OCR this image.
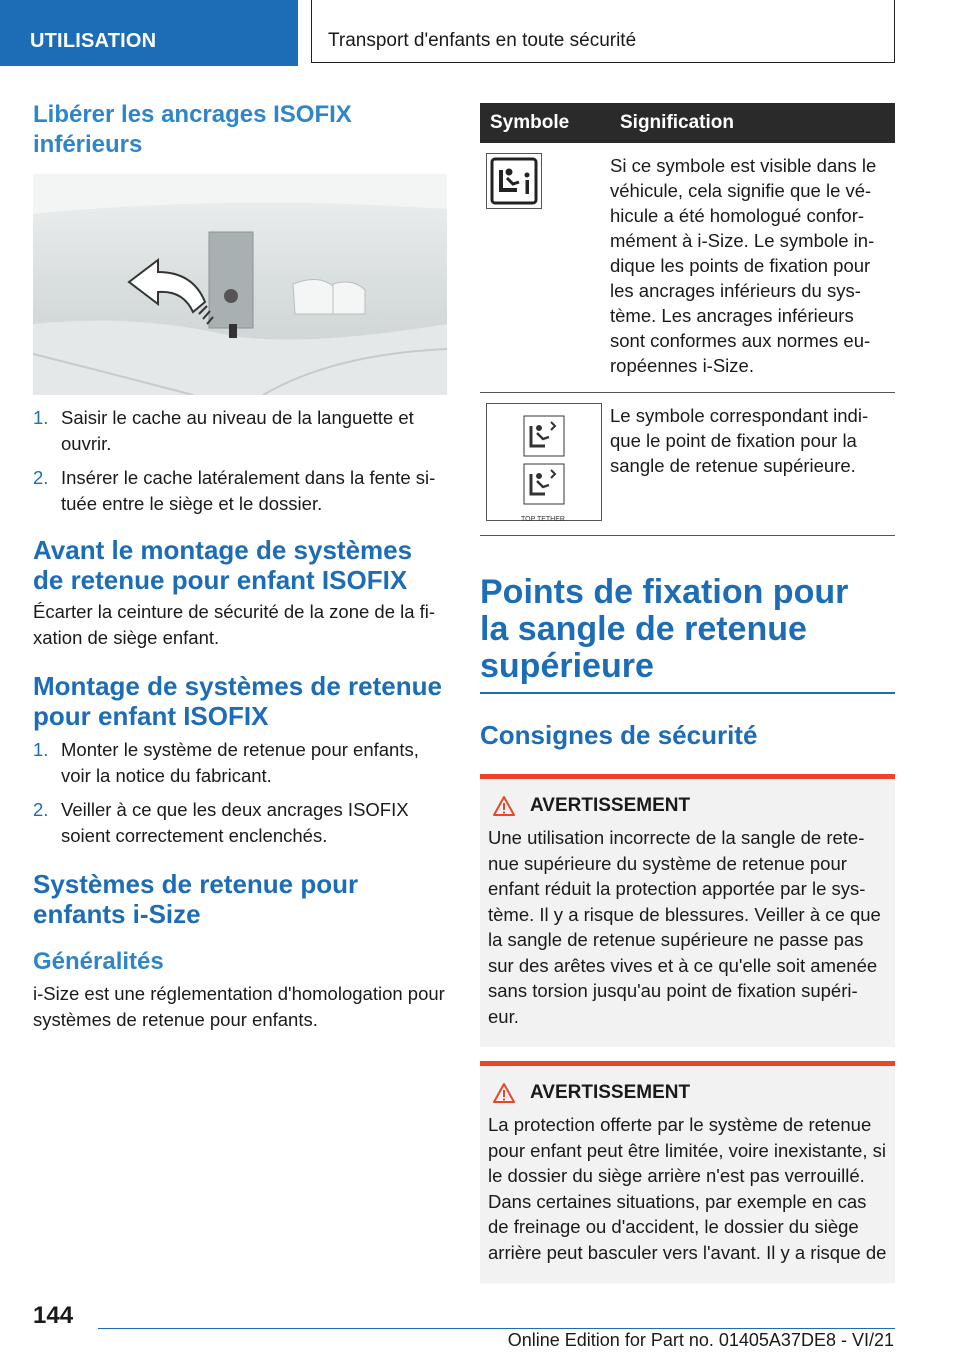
UTILISATION	Transport d'enfants en toute sécurité
Libérer les ancrages ISOFIX inférieurs
1. Saisir le cache au niveau de la languette et ouvrir.
2. Insérer le cache latéralement dans la fente si‐tuée entre le siège et le dossier.
Avant le montage de systèmes de retenue pour enfant ISOFIX

Écarter la ceinture de sécurité de la zone de la fi‐xation de siège enfant.

Montage de systèmes de retenue pour enfant ISOFIX
1. Monter le système de retenue pour enfants, voir la notice du fabricant.
2. Veiller à ce que les deux ancrages ISOFIX soient correctement enclenchés.
Systèmes de retenue pour enfants i-Size
Généralités

i-Size est une réglementation d'homologation pour systèmes de retenue pour enfants.

Symbole	Signification

	Si ce symbole est visible dans le véhicule, cela signifie que le vé‐hicule a été homologué confor‐mément à i-Size. Le symbole in‐dique les points de fixation pour les ancrages inférieurs du sys‐tème. Les ancrages inférieurs sont conformes aux normes eu‐ropéennes i-Size.

TOP TETHER	Le symbole correspondant indi‐que le point de fixation pour la sangle de retenue supérieure.
Points de fixation pour la sangle de retenue supérieure
Consignes de sécurité
AVERTISSEMENT

Une utilisation incorrecte de la sangle de rete‐nue supérieure du système de retenue pour enfant réduit la protection apportée par le sys‐tème. Il y a risque de blessures. Veiller à ce que la sangle de retenue supérieure ne passe pas sur des arêtes vives et à ce qu'elle soit amenée sans torsion jusqu'au point de fixation supéri‐eur.

AVERTISSEMENT

La protection offerte par le système de retenue pour enfant peut être limitée, voire inexistante, si le dossier du siège arrière n'est pas verrouillé. Dans certaines situations, par exemple en cas de freinage ou d'accident, le dossier du siège arrière peut basculer vers l'avant. Il y a risque de

144
Online Edition for Part no. 01405A37DE8 - VI/21
